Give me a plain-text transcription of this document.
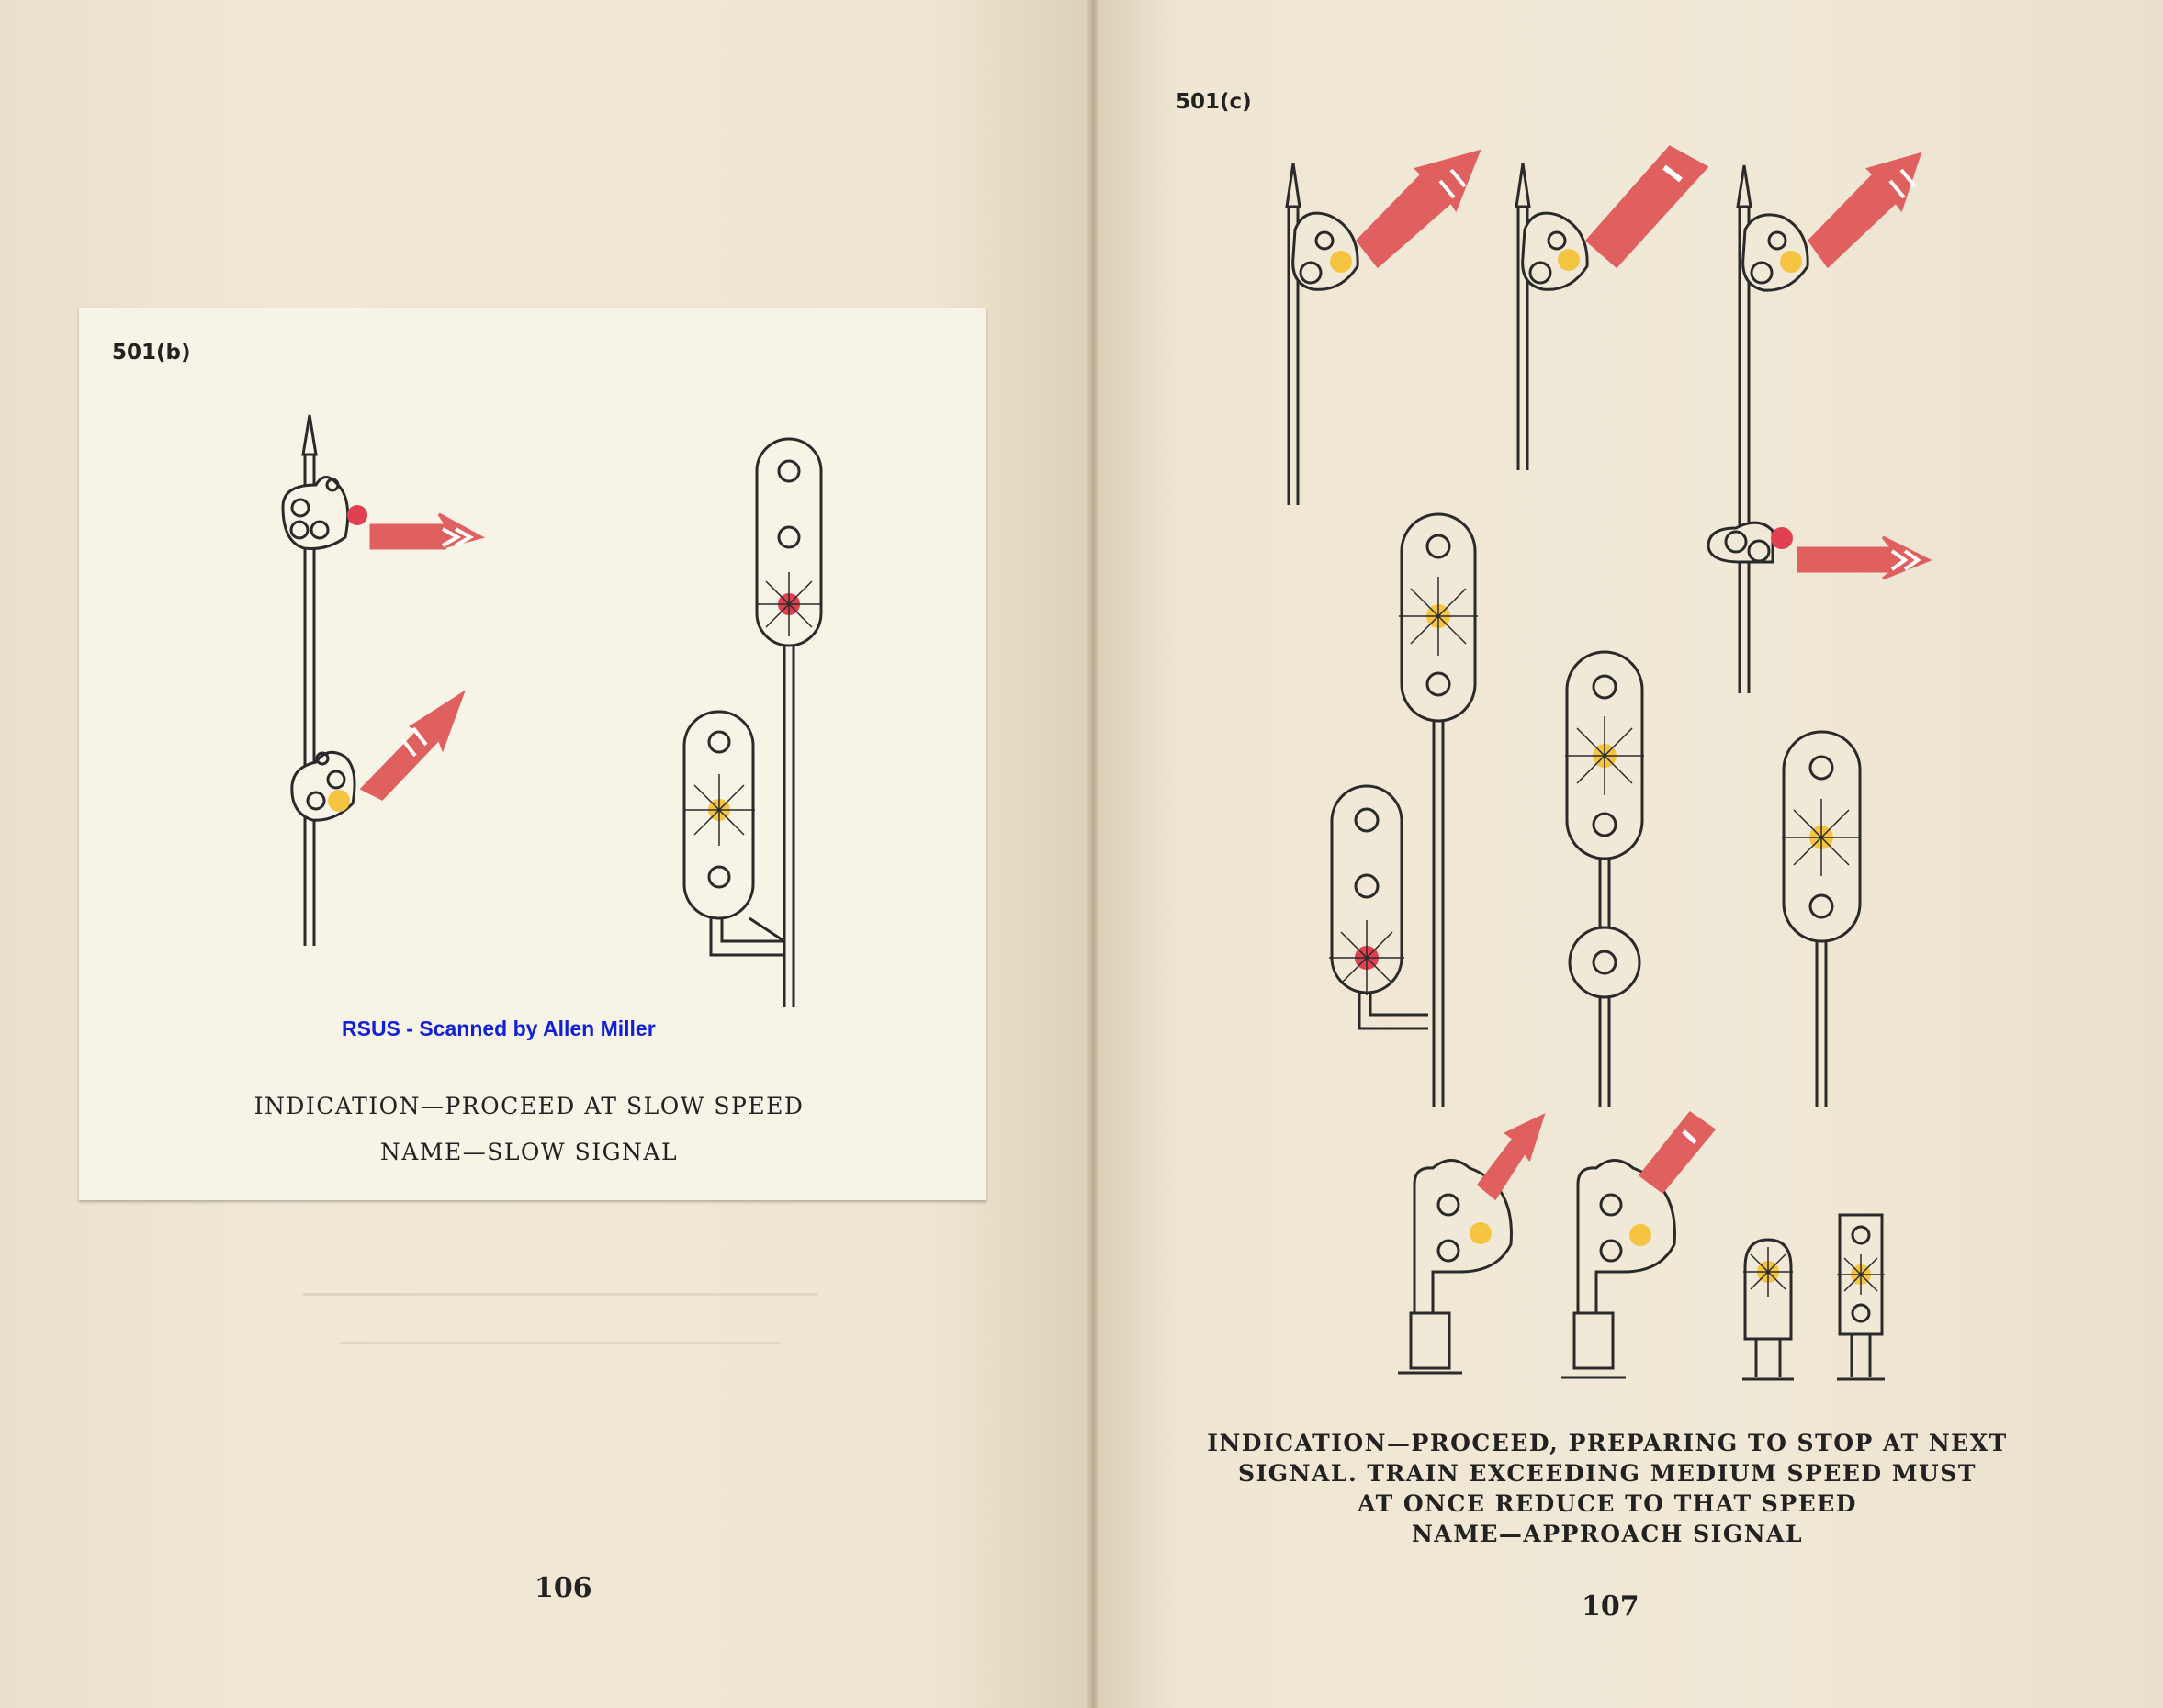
501(b)
RSUS - Scanned by Allen Miller
INDICATION—PROCEED AT SLOW SPEED
NAME—SLOW SIGNAL
106
501(c)
INDICATION—PROCEED, PREPARING TO STOP AT NEXT
SIGNAL. TRAIN EXCEEDING MEDIUM SPEED MUST
AT ONCE REDUCE TO THAT SPEED
NAME—APPROACH SIGNAL
107
